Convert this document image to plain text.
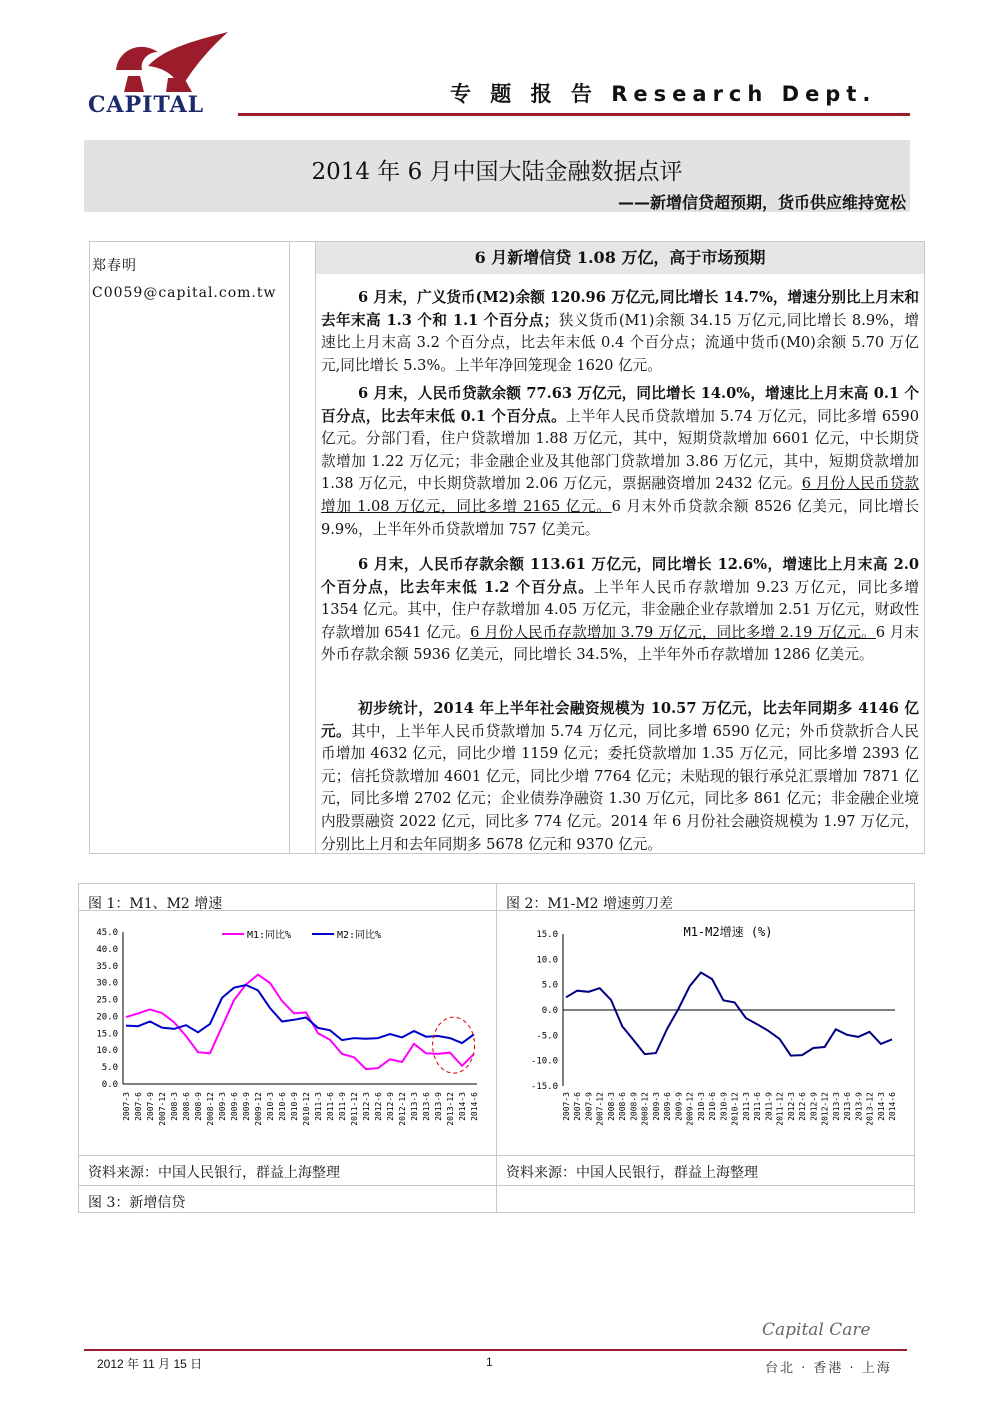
CAPITAL	专 题 报 告 Research Dept.
2014 年 6 月中国大陆金融数据点评
——新增信贷超预期，货币供应维持宽松
郑春明
C0059@capital.com.tw
6 月新增信贷 1.08 万亿，高于市场预期

6 月末，广义货币(M2)余额 120.96 万亿元,同比增长 14.7%，增速分别比上月末和去年末高 1.3 个和 1.1 个百分点；狭义货币(M1)余额 34.15 万亿元,同比增长 8.9%，增速比上月末高 3.2 个百分点，比去年末低 0.4 个百分点；流通中货币(M0)余额 5.70 万亿元,同比增长 5.3%。上半年净回笼现金 1620 亿元。

6 月末，人民币贷款余额 77.63 万亿元，同比增长 14.0%，增速比上月末高 0.1 个百分点，比去年末低 0.1 个百分点。上半年人民币贷款增加 5.74 万亿元，同比多增 6590 亿元。分部门看，住户贷款增加 1.88 万亿元，其中，短期贷款增加 6601 亿元，中长期贷款增加 1.22 万亿元；非金融企业及其他部门贷款增加 3.86 万亿元，其中，短期贷款增加 1.38 万亿元，中长期贷款增加 2.06 万亿元，票据融资增加 2432 亿元。6 月份人民币贷款增加 1.08 万亿元，同比多增 2165 亿元。6 月末外币贷款余额 8526 亿美元，同比增长 9.9%，上半年外币贷款增加 757 亿美元。

6 月末，人民币存款余额 113.61 万亿元，同比增长 12.6%，增速比上月末高 2.0 个百分点，比去年末低 1.2 个百分点。上半年人民币存款增加 9.23 万亿元，同比多增 1354 亿元。其中，住户存款增加 4.05 万亿元，非金融企业存款增加 2.51 万亿元，财政性存款增加 6541 亿元。6 月份人民币存款增加 3.79 万亿元，同比多增 2.19 万亿元。6 月末外币存款余额 5936 亿美元，同比增长 34.5%，上半年外币存款增加 1286 亿美元。

初步统计，2014 年上半年社会融资规模为 10.57 万亿元，比去年同期多 4146 亿元。其中，上半年人民币贷款增加 5.74 万亿元，同比多增 6590 亿元；外币贷款折合人民币增加 4632 亿元，同比少增 1159 亿元；委托贷款增加 1.35 万亿元，同比多增 2393 亿元；信托贷款增加 4601 亿元，同比少增 7764 亿元；未贴现的银行承兑汇票增加 7871 亿元，同比多增 2702 亿元；企业债券净融资 1.30 万亿元，同比多 861 亿元；非金融企业境内股票融资 2022 亿元，同比多 774 亿元。2014 年 6 月份社会融资规模为 1.97 万亿元，分别比上月和去年同期多 5678 亿元和 9370 亿元。

图 1：M1、M2 增速	图 2：M1-M2 增速剪刀差
资料来源：中国人民银行，群益上海整理	资料来源：中国人民银行，群益上海整理
图 3：新增信贷
0.0
5.0
10.0
15.0
20.0
25.0
30.0
35.0
40.0
45.0
2007-3 2007-6 2007-9 2007-12 2008-3 2008-6 2008-9 2008-12 2009-3 2009-6 2009-9 2009-12 2010-3 2010-6 2010-9 2010-12 2011-3 2011-6 2011-9 2011-12 2012-3 2012-6 2012-9 2012-12 2013-3 2013-6 2013-9 2013-12 2014-3 2014-6
M1:同比%	M2:同比%	15.0
10.0
5.0
0.0
-5.0
-10.0
-15.0
2007-3 2007-6 2007-9 2007-12 2008-3 2008-6 2008-9 2008-12 2009-3 2009-6 2009-9 2009-12 2010-3 2010-6 2010-9 2010-12 2011-3 2011-6 2011-9 2011-12 2012-3 2012-6 2012-9 2012-12 2013-3 2013-6 2013-9 2013-12 2014-3 2014-6
M1-M2增速 (%)
Capital Care
2012 年 11 月 15 日	1	台北 · 香港 · 上海
